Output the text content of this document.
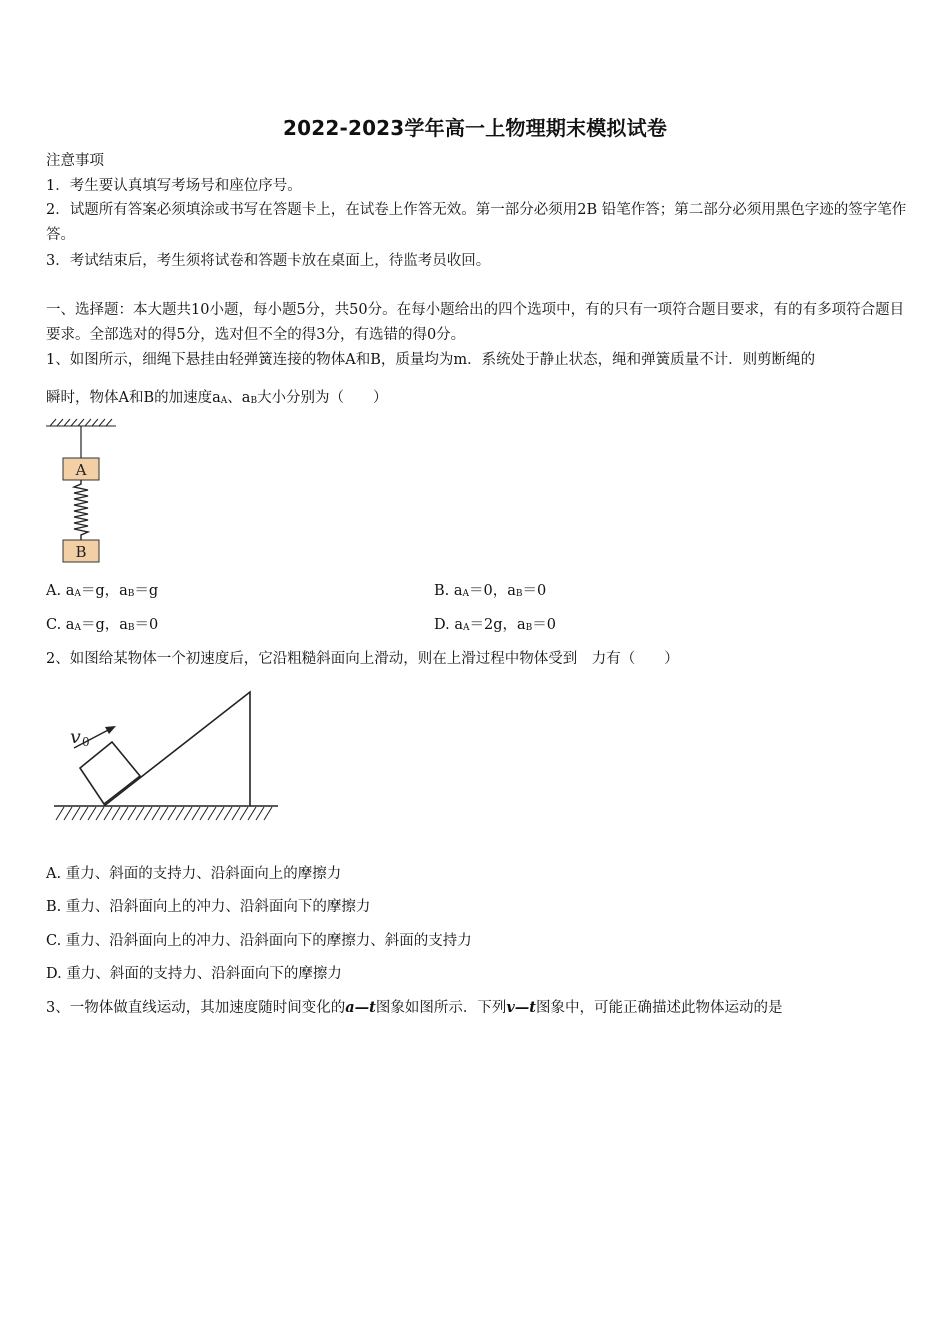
2022-2023学年高一上物理期末模拟试卷
注意事项
1．考生要认真填写考场号和座位序号。
2．试题所有答案必须填涂或书写在答题卡上，在试卷上作答无效。第一部分必须用2B 铅笔作答；第二部分必须用黑色字迹的签字笔作答。
3．考试结束后，考生须将试卷和答题卡放在桌面上，待监考员收回。
一、选择题：本大题共10小题，每小题5分，共50分。在每小题给出的四个选项中，有的只有一项符合题目要求，有的有多项符合题目要求。全部选对的得5分，选对但不全的得3分，有选错的得0分。
1、如图所示，细绳下悬挂由轻弹簧连接的物体A和B，质量均为m．系统处于静止状态，绳和弹簧质量不计．则剪断绳的
瞬时，物体A和B的加速度$a_A$、$a_B$大小分别为（　　）
A
B
A. $a_A=g$，$a_B=g$	B. $a_A=0$，$a_B=0$
C. $a_A=g$，$a_B=0$	D. $a_A=2g$，$a_B=0$
2、如图给某物体一个初速度后，它沿粗糙斜面向上滑动，则在上滑过程中物体受到　力有（　　）
v 0
A. 重力、斜面的支持力、沿斜面向上的摩擦力
B. 重力、沿斜面向上的冲力、沿斜面向下的摩擦力
C. 重力、沿斜面向上的冲力、沿斜面向下的摩擦力、斜面的支持力
D. 重力、斜面的支持力、沿斜面向下的摩擦力
3、一物体做直线运动，其加速度随时间变化的a—t图象如图所示．下列v—t图象中，可能正确描述此物体运动的是
